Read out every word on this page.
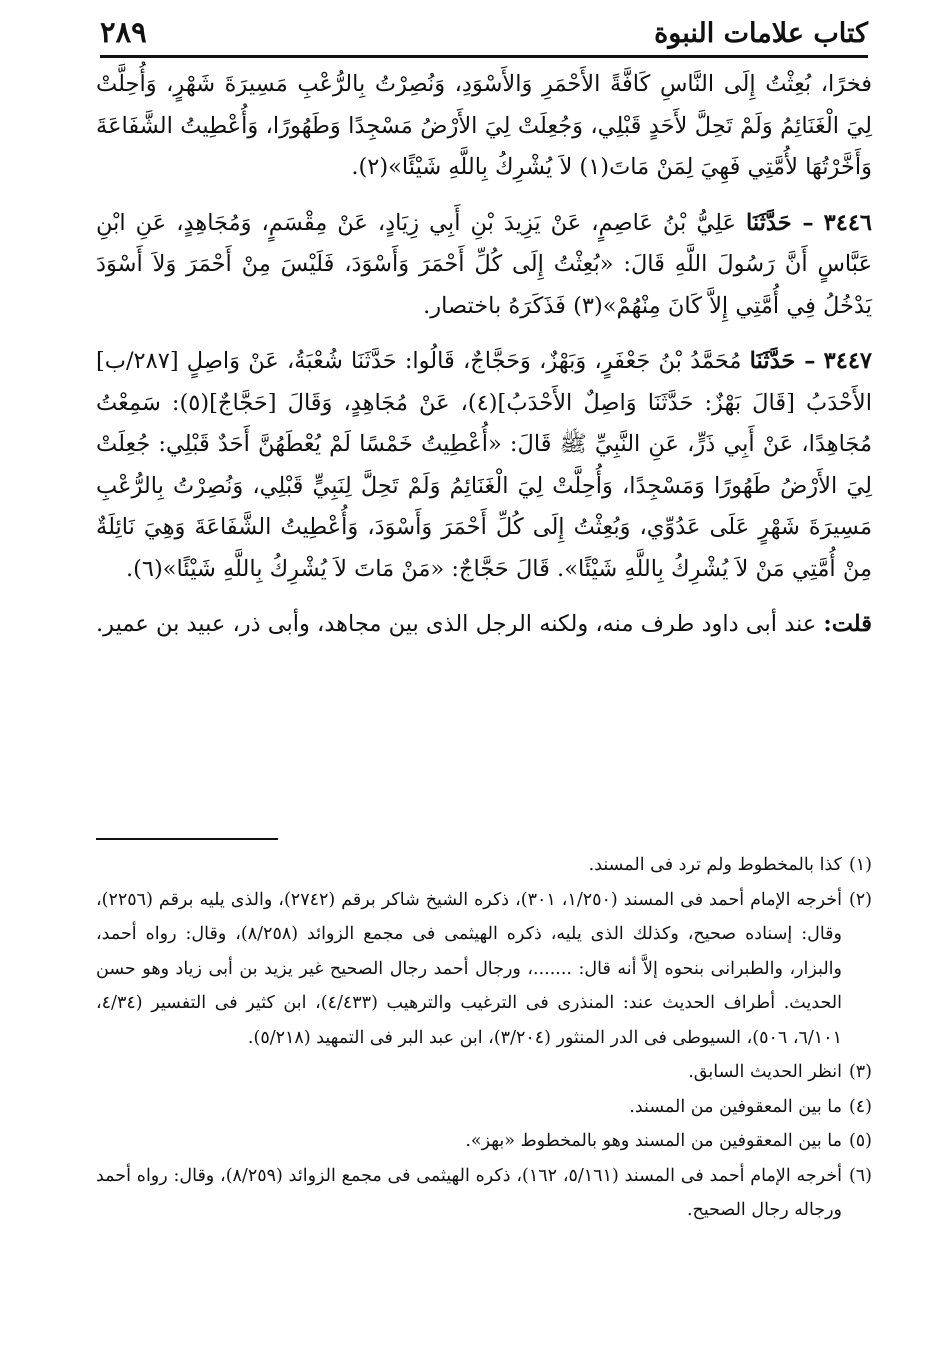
كتاب علامات النبوة
٢٨٩

فخرًا، بُعِثْتُ إِلَى النَّاسِ كَافَّةً الأَحْمَرِ وَالأَسْوَدِ، وَنُصِرْتُ بِالرُّعْبِ مَسِيرَةَ شَهْرٍ، وَأُحِلَّتْ لِيَ الْغَنَائِمُ وَلَمْ تَحِلَّ لأَحَدٍ قَبْلِي، وَجُعِلَتْ لِيَ الأَرْضُ مَسْجِدًا وَطَهُورًا، وَأُعْطِيتُ الشَّفَاعَةَ وَأَخَّرْتُهَا لأُمَّتِي فَهِيَ لِمَنْ مَاتَ(١) لاَ يُشْرِكُ بِاللَّهِ شَيْئًا»(٢).

٣٤٤٦ – حَدَّثَنَا عَلِيُّ بْنُ عَاصِمٍ، عَنْ يَزِيدَ بْنِ أَبِي زِيَادٍ، عَنْ مِقْسَمٍ، وَمُجَاهِدٍ، عَنِ ابْنِ عَبَّاسٍ أَنَّ رَسُولَ اللَّهِ قَالَ: «بُعِثْتُ إِلَى كُلِّ أَحْمَرَ وَأَسْوَدَ، فَلَيْسَ مِنْ أَحْمَرَ وَلاَ أَسْوَدَ يَدْخُلُ فِي أُمَّتِي إِلاَّ كَانَ مِنْهُمْ»(٣) فَذَكَرَهُ باختصار.

٣٤٤٧ – حَدَّثَنَا مُحَمَّدُ بْنُ جَعْفَرٍ، وَبَهْزٌ، وَحَجَّاجٌ، قَالُوا: حَدَّثَنَا شُعْبَةُ، عَنْ وَاصِلٍ [٢٨٧/ب] الأَحْدَبُ [قَالَ بَهْزٌ: حَدَّثَنَا وَاصِلٌ الأَحْدَبُ](٤)، عَنْ مُجَاهِدٍ، وَقَالَ [حَجَّاجٌ](٥): سَمِعْتُ مُجَاهِدًا، عَنْ أَبِي ذَرٍّ، عَنِ النَّبِيِّ ﷺ قَالَ: «أُعْطِيتُ خَمْسًا لَمْ يُعْطَهُنَّ أَحَدٌ قَبْلِي: جُعِلَتْ لِيَ الأَرْضُ طَهُورًا وَمَسْجِدًا، وَأُحِلَّتْ لِيَ الْغَنَائِمُ وَلَمْ تَحِلَّ لِنَبِيٍّ قَبْلِي، وَنُصِرْتُ بِالرُّعْبِ مَسِيرَةَ شَهْرٍ عَلَى عَدُوِّي، وَبُعِثْتُ إِلَى كُلِّ أَحْمَرَ وَأَسْوَدَ، وَأُعْطِيتُ الشَّفَاعَةَ وَهِيَ نَائِلَةٌ مِنْ أُمَّتِي مَنْ لاَ يُشْرِكُ بِاللَّهِ شَيْئًا». قَالَ حَجَّاجٌ: «مَنْ مَاتَ لاَ يُشْرِكُ بِاللَّهِ شَيْئًا»(٦).

قلت: عند أبى داود طرف منه، ولكنه الرجل الذى بين مجاهد، وأبى ذر، عبيد بن عمير.

(١)
كذا بالمخطوط ولم ترد فى المسند.

(٢)
أخرجه الإمام أحمد فى المسند (١/٢٥٠، ٣٠١)، ذكره الشيخ شاكر برقم (٢٧٤٢)، والذى يليه برقم (٢٢٥٦)، وقال: إسناده صحيح، وكذلك الذى يليه، ذكره الهيثمى فى مجمع الزوائد (٨/٢٥٨)، وقال: رواه أحمد، والبزار، والطبرانى بنحوه إلاَّ أنه قال: .......، ورجال أحمد رجال الصحيح غير يزيد بن أبى زياد وهو حسن الحديث. أطراف الحديث عند: المنذرى فى الترغيب والترهيب (٤/٤٣٣)، ابن كثير فى التفسير (٤/٣٤، ٦/١٠١، ٥٠٦)، السيوطى فى الدر المنثور (٣/٢٠٤)، ابن عبد البر فى التمهيد (٥/٢١٨).

(٣)
انظر الحديث السابق.

(٤)
ما بين المعقوفين من المسند.

(٥)
ما بين المعقوفين من المسند وهو بالمخطوط «بهز».

(٦)
أخرجه الإمام أحمد فى المسند (٥/١٦١، ١٦٢)، ذكره الهيثمى فى مجمع الزوائد (٨/٢٥٩)، وقال: رواه أحمد ورجاله رجال الصحيح.
